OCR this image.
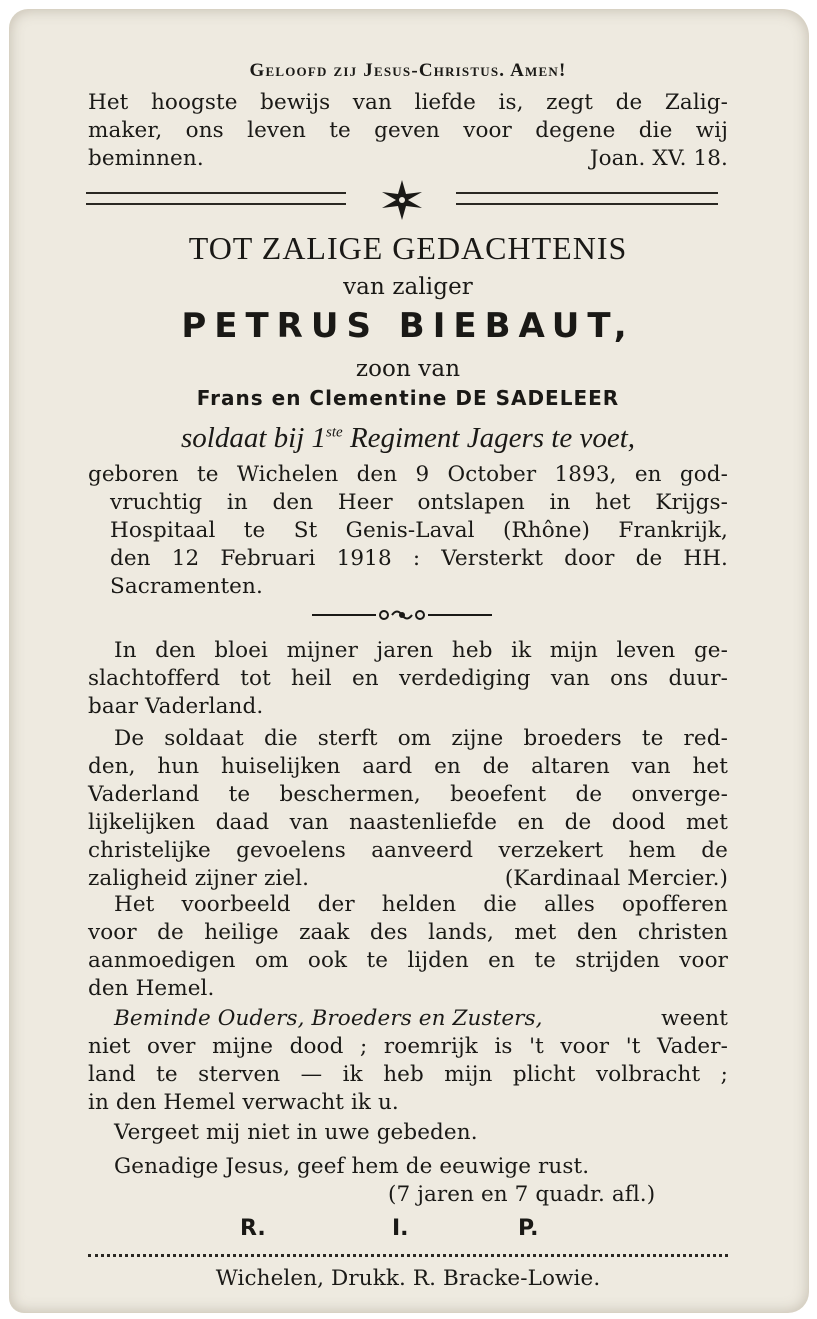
Geloofd zij Jesus-Christus. Amen!
Het hoogste bewijs van liefde is, zegt de Zalig-
maker, ons leven te geven voor degene die wij
beminnen.	Joan. XV. 18.
TOT ZALIGE GEDACHTENIS
van zaliger
PETRUS BIEBAUT,
zoon van
Frans en Clementine DE SADELEER
soldaat bij 1ste Regiment Jagers te voet,
geboren te Wichelen den 9 October 1893, en god-
vruchtig in den Heer ontslapen in het Krijgs-
Hospitaal te St Genis-Laval (Rhône) Frankrijk,
den 12 Februari 1918 : Versterkt door de HH.
Sacramenten.
In den bloei mijner jaren heb ik mijn leven ge-
slachtofferd tot heil en verdediging van ons duur-
baar Vaderland.
De soldaat die sterft om zijne broeders te red-
den, hun huiselijken aard en de altaren van het
Vaderland te beschermen, beoefent de onverge-
lijkelijken daad van naastenliefde en de dood met
christelijke gevoelens aanveerd verzekert hem de
zaligheid zijner ziel.	(Kardinaal Mercier.)
Het voorbeeld der helden die alles opofferen
voor de heilige zaak des lands, met den christen
aanmoedigen om ook te lijden en te strijden voor
den Hemel.
Beminde Ouders, Broeders en Zusters,	weent
niet over mijne dood ; roemrijk is 't voor 't Vader-
land te sterven — ik heb mijn plicht volbracht ;
in den Hemel verwacht ik u.
Vergeet mij niet in uwe gebeden.
Genadige Jesus, geef hem de eeuwige rust.
(7 jaren en 7 quadr. afl.)
R.	I.	P.
Wichelen, Drukk. R. Bracke-Lowie.
